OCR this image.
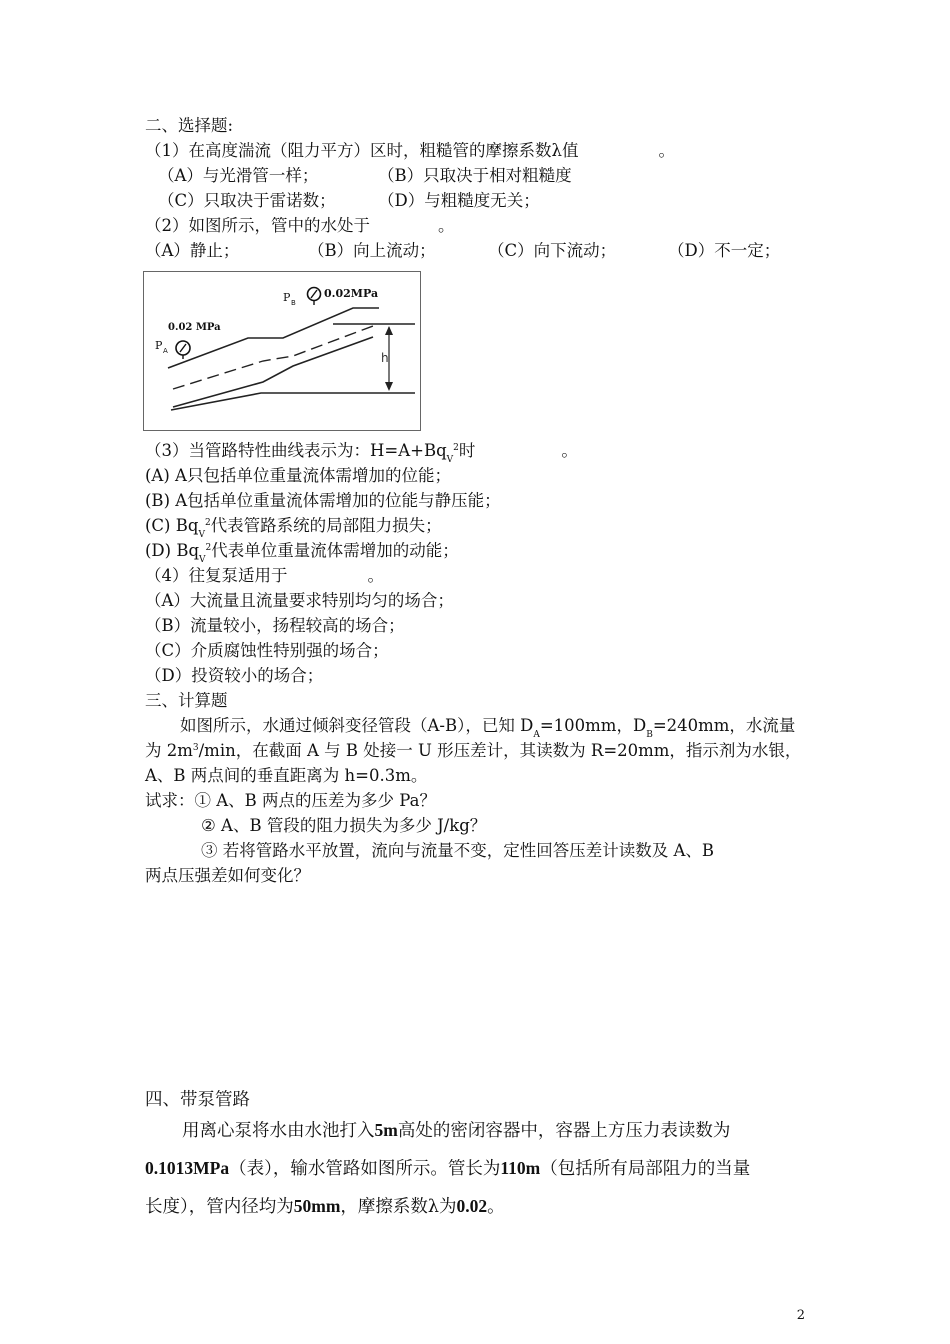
二、选择题:
（1）在高度湍流（阻力平方）区时，粗糙管的摩擦系数λ值	。
（A）与光滑管一样；	（B）只取决于相对粗糙度
（C）只取决于雷诺数；	（D）与粗糙度无关；
（2）如图所示，管中的水处于	。
（A）静止；	（B）向上流动；	（C）向下流动；	（D）不一定；
h
0.02 MPa
P A
0.02MPa
P B
（3）当管路特性曲线表示为：$H=A+Bq_V^2$时	。
(A) A只包括单位重量流体需增加的位能；
(B) A包括单位重量流体需增加的位能与静压能；
(C) $Bq_V^2$代表管路系统的局部阻力损失；
(D) $Bq_V^2$代表单位重量流体需增加的动能；
（4）往复泵适用于	。
（A）大流量且流量要求特别均匀的场合；
（B）流量较小，扬程较高的场合；
（C）介质腐蚀性特别强的场合；
（D）投资较小的场合；
三、计算题
如图所示，水通过倾斜变径管段（A-B），已知 $D_A=100mm$，$D_B=240mm$，水流量
为 $2m^3/\min$，在截面 A 与 B 处接一 U 形压差计，其读数为 R=20mm，指示剂为水银，
A、B 两点间的垂直距离为 h=0.3m。
试求：① A、B 两点的压差为多少 Pa？
② A、B 管段的阻力损失为多少 J/kg？
③ 若将管路水平放置，流向与流量不变，定性回答压差计读数及 A、B
两点压强差如何变化？
四、带泵管路
用离心泵将水由水池打入5m高处的密闭容器中，容器上方压力表读数为
0.1013MPa（表），输水管路如图所示。管长为110m（包括所有局部阻力的当量
长度），管内径均为50mm，摩擦系数λ为0.02。
2
